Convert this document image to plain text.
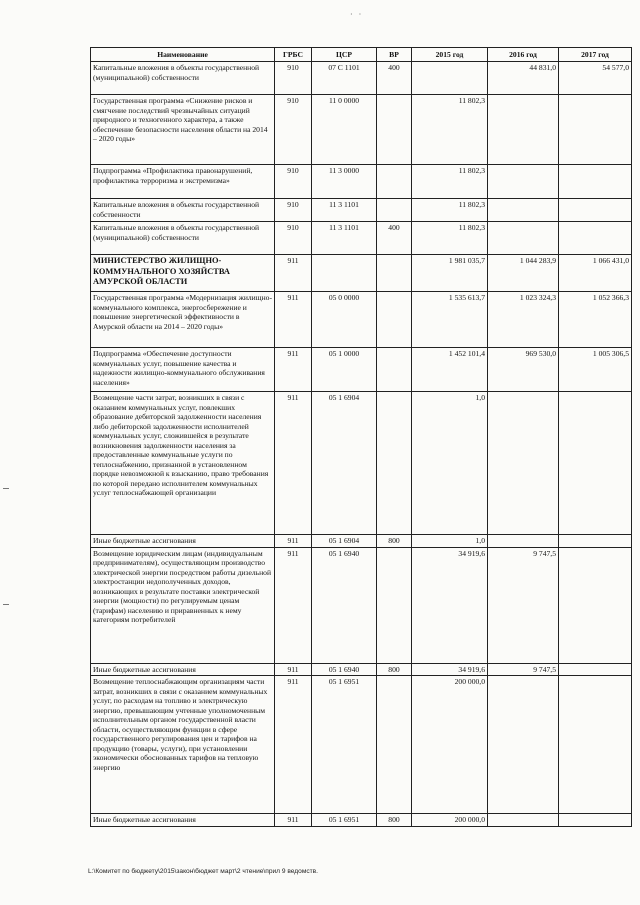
· ·
Наименование	ГРБС	ЦСР	ВР	2015 год	2016 год	2017 год
Капитальные вложения в объекты государственной (муниципальной) собственности	910	07 С 1101	400		44 831,0	54 577,0
Государственная программа «Снижение рисков и смягчение последствий чрезвычайных ситуаций природного и техногенного характера, а также обеспечение безопасности населения области на 2014 – 2020 годы»	910	11 0 0000		11 802,3		
Подпрограмма «Профилактика правонарушений, профилактика терроризма и экстремизма»	910	11 3 0000		11 802,3		
Капитальные вложения в объекты государственной собственности	910	11 3 1101		11 802,3		
Капитальные вложения в объекты государственной (муниципальной) собственности	910	11 3 1101	400	11 802,3		
МИНИСТЕРСТВО ЖИЛИЩНО-КОММУНАЛЬНОГО ХОЗЯЙСТВА АМУРСКОЙ ОБЛАСТИ	911			1 981 035,7	1 044 283,9	1 066 431,0
Государственная программа «Модернизация жилищно-коммунального комплекса, энергосбережение и повышение энергетической эффективности в Амурской области на 2014 – 2020 годы»	911	05 0 0000		1 535 613,7	1 023 324,3	1 052 366,3
Подпрограмма «Обеспечение доступности коммунальных услуг, повышение качества и надежности жилищно-коммунального обслуживания населения»	911	05 1 0000		1 452 101,4	969 530,0	1 005 306,5
Возмещение части затрат, возникших в связи с оказанием коммунальных услуг, повлекших образование дебиторской задолженности населения либо дебиторской задолженности исполнителей коммунальных услуг, сложившейся в результате возникновения задолженности населения за предоставленные коммунальные услуги по теплоснабжению, признанной в установленном порядке невозможной к взысканию, право требования по которой передано исполнителем коммунальных услуг теплоснабжающей организации	911	05 1 6904		1,0		
Иные бюджетные ассигнования	911	05 1 6904	800	1,0		
Возмещение юридическим лицам (индивидуальным предпринимателям), осуществляющим производство электрической энергии посредством работы дизельной электростанции недополученных доходов, возникающих в результате поставки электрической энергии (мощности) по регулируемым ценам (тарифам) населению и приравненных к нему категориям потребителей	911	05 1 6940		34 919,6	9 747,5	
Иные бюджетные ассигнования	911	05 1 6940	800	34 919,6	9 747,5	
Возмещение теплоснабжающим организациям части затрат, возникших в связи с оказанием коммунальных услуг, по расходам на топливо и электрическую энергию, превышающим учтенные уполномоченным исполнительным органом государственной власти области, осуществляющим функции в сфере государственного регулирования цен и тарифов на продукцию (товары, услуги), при установлении экономически обоснованных тарифов на тепловую энергию	911	05 1 6951		200 000,0		
Иные бюджетные ассигнования	911	05 1 6951	800	200 000,0		
L:\Комитет по бюджету\2015\закон\бюджет март\2 чтение\прил 9 ведомств.
